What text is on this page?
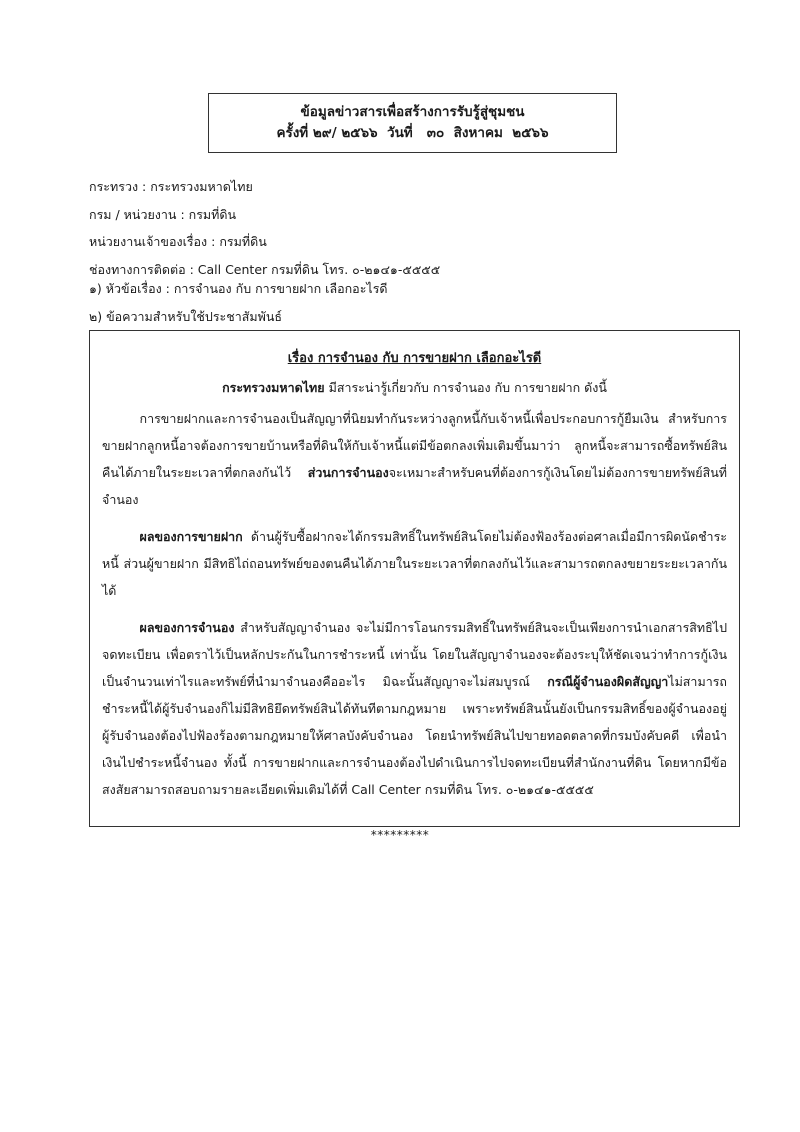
ข้อมูลข่าวสารเพื่อสร้างการรับรู้สู่ชุมชน
ครั้งที่ ๒๙/ ๒๕๖๖  วันที่   ๓๐  สิงหาคม  ๒๕๖๖
กระทรวง : กระทรวงมหาดไทย
กรม / หน่วยงาน : กรมที่ดิน
หน่วยงานเจ้าของเรื่อง : กรมที่ดิน
ช่องทางการติดต่อ : Call Center กรมที่ดิน โทร. ๐-๒๑๔๑-๕๕๕๕
๑) หัวข้อเรื่อง : การจำนอง กับ การขายฝาก เลือกอะไรดี
๒) ข้อความสำหรับใช้ประชาสัมพันธ์
เรื่อง การจำนอง กับ การขายฝาก เลือกอะไรดี
กระทรวงมหาดไทย มีสาระน่ารู้เกี่ยวกับ การจำนอง กับ การขายฝาก ดังนี้
การขายฝากและการจำนองเป็นสัญญาที่นิยมทำกันระหว่างลูกหนี้กับเจ้าหนี้เพื่อประกอบการกู้ยืมเงิน สำหรับการขายฝากลูกหนี้อาจต้องการขายบ้านหรือที่ดินให้กับเจ้าหนี้แต่มีข้อตกลงเพิ่มเติมขึ้นมาว่า ลูกหนี้จะสามารถซื้อทรัพย์สินคืนได้ภายในระยะเวลาที่ตกลงกันไว้ ส่วนการจำนองจะเหมาะสำหรับคนที่ต้องการกู้เงินโดยไม่ต้องการขายทรัพย์สินที่จำนอง
ผลของการขายฝาก ด้านผู้รับซื้อฝากจะได้กรรมสิทธิ์ในทรัพย์สินโดยไม่ต้องฟ้องร้องต่อศาลเมื่อมีการผิดนัดชำระหนี้ ส่วนผู้ขายฝาก มีสิทธิไถ่ถอนทรัพย์ของตนคืนได้ภายในระยะเวลาที่ตกลงกันไว้และสามารถตกลงขยายระยะเวลากันได้
ผลของการจำนอง สำหรับสัญญาจำนอง จะไม่มีการโอนกรรมสิทธิ์ในทรัพย์สินจะเป็นเพียงการนำเอกสารสิทธิไปจดทะเบียน เพื่อตราไว้เป็นหลักประกันในการชำระหนี้ เท่านั้น โดยในสัญญาจำนองจะต้องระบุให้ชัดเจนว่าทำการกู้เงินเป็นจำนวนเท่าไรและทรัพย์ที่นำมาจำนองคืออะไร มิฉะนั้นสัญญาจะไม่สมบูรณ์ กรณีผู้จำนองผิดสัญญาไม่สามารถชำระหนี้ได้ผู้รับจำนองก็ไม่มีสิทธิยึดทรัพย์สินได้ทันทีตามกฎหมาย เพราะทรัพย์สินนั้นยังเป็นกรรมสิทธิ์ของผู้จำนองอยู่ ผู้รับจำนองต้องไปฟ้องร้องตามกฎหมายให้ศาลบังคับจำนอง โดยนำทรัพย์สินไปขายทอดตลาดที่กรมบังคับคดี เพื่อนำเงินไปชำระหนี้จำนอง ทั้งนี้ การขายฝากและการจำนองต้องไปดำเนินการไปจดทะเบียนที่สำนักงานที่ดิน โดยหากมีข้อสงสัยสามารถสอบถามรายละเอียดเพิ่มเติมได้ที่ Call Center กรมที่ดิน โทร. ๐-๒๑๔๑-๕๕๕๕
*********
